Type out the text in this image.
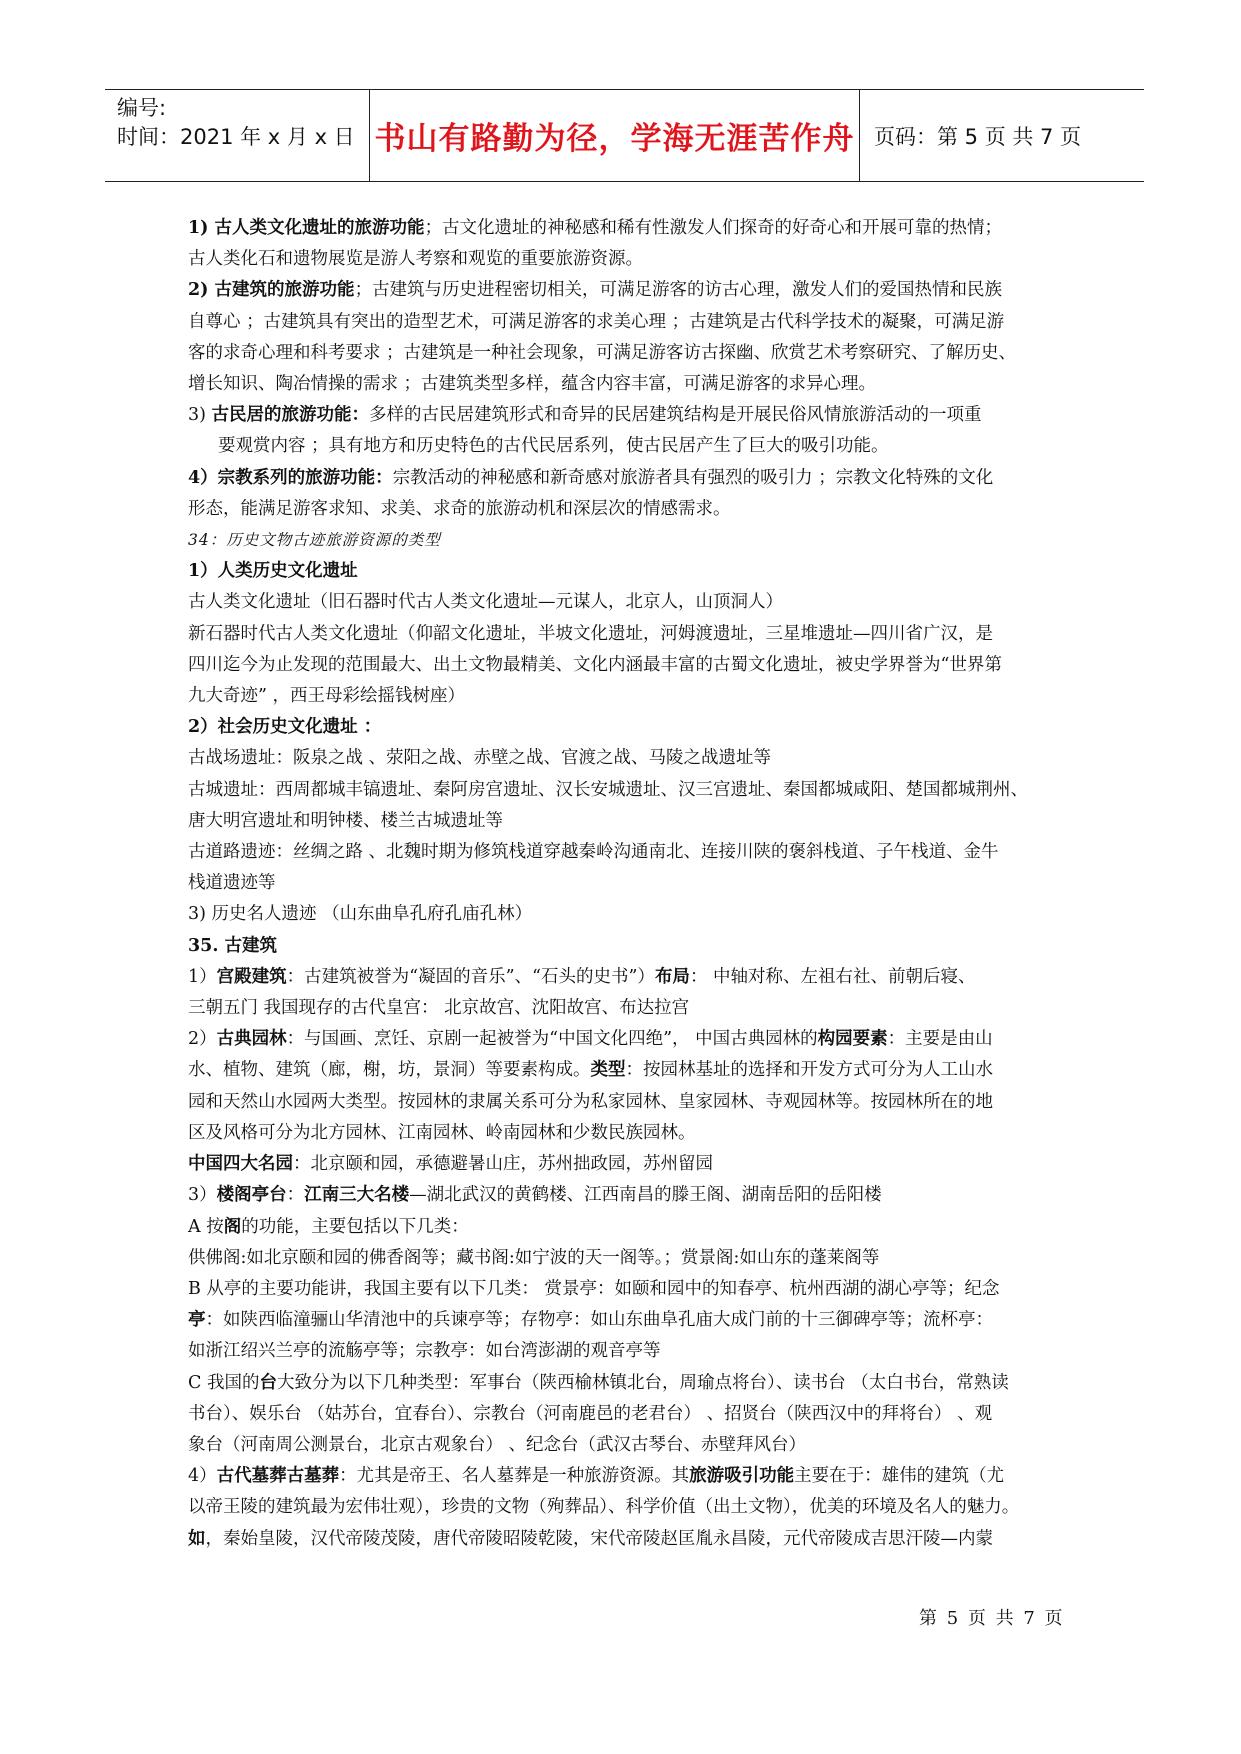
编号:
时间：2021 年 x 月 x 日 书山有路勤为径，学海无涯苦作舟 页码：第 5 页 共 7 页

1) 古人类文化遗址的旅游功能；古文化遗址的神秘感和稀有性激发人们探奇的好奇心和开展可靠的热情；

古人类化石和遗物展览是游人考察和观览的重要旅游资源。

2) 古建筑的旅游功能；古建筑与历史进程密切相关，可满足游客的访古心理，激发人们的爱国热情和民族

自尊心 ；古建筑具有突出的造型艺术，可满足游客的求美心理 ；古建筑是古代科学技术的凝聚，可满足游

客的求奇心理和科考要求 ；古建筑是一种社会现象，可满足游客访古探幽、欣赏艺术考察研究、了解历史、

增长知识、陶冶情操的需求 ；古建筑类型多样，蕴含内容丰富，可满足游客的求异心理。

3) 古民居的旅游功能：多样的古民居建筑形式和奇异的民居建筑结构是开展民俗风情旅游活动的一项重

要观赏内容 ；具有地方和历史特色的古代民居系列，使古民居产生了巨大的吸引功能。

4）宗教系列的旅游功能：宗教活动的神秘感和新奇感对旅游者具有强烈的吸引力 ；宗教文化特殊的文化

形态，能满足游客求知、求美、求奇的旅游动机和深层次的情感需求。

34：历史文物古迹旅游资源的类型

1）人类历史文化遗址

古人类文化遗址（旧石器时代古人类文化遗址—元谋人，北京人，山顶洞人）

新石器时代古人类文化遗址（仰韶文化遗址，半坡文化遗址，河姆渡遗址，三星堆遗址—四川省广汉，是

四川迄今为止发现的范围最大、出土文物最精美、文化内涵最丰富的古蜀文化遗址，被史学界誉为“世界第

九大奇迹” ，西王母彩绘摇钱树座）

2）社会历史文化遗址 ：

古战场遗址：阪泉之战 、荥阳之战、赤壁之战、官渡之战、马陵之战遗址等

古城遗址：西周都城丰镐遗址、秦阿房宫遗址、汉长安城遗址、汉三宫遗址、秦国都城咸阳、楚国都城荆州、

唐大明宫遗址和明钟楼、楼兰古城遗址等

古道路遗迹：丝绸之路 、北魏时期为修筑栈道穿越秦岭沟通南北、连接川陕的褒斜栈道、子午栈道、金牛

栈道遗迹等

3) 历史名人遗迹 （山东曲阜孔府孔庙孔林）

35. 古建筑

1）宫殿建筑：古建筑被誉为“凝固的音乐”、“石头的史书”）布局： 中轴对称、左祖右社、前朝后寝、

三朝五门 我国现存的古代皇宫： 北京故宫、沈阳故宫、布达拉宫

2）古典园林：与国画、烹饪、京剧一起被誉为“中国文化四绝”， 中国古典园林的构园要素：主要是由山

水、植物、建筑（廊，榭，坊，景洞）等要素构成。类型：按园林基址的选择和开发方式可分为人工山水

园和天然山水园两大类型。按园林的隶属关系可分为私家园林、皇家园林、寺观园林等。按园林所在的地

区及风格可分为北方园林、江南园林、岭南园林和少数民族园林。

中国四大名园：北京颐和园，承德避暑山庄，苏州拙政园，苏州留园

3）楼阁亭台：江南三大名楼—湖北武汉的黄鹤楼、江西南昌的滕王阁、湖南岳阳的岳阳楼

A 按阁的功能，主要包括以下几类：

供佛阁:如北京颐和园的佛香阁等；藏书阁:如宁波的天一阁等。；赏景阁:如山东的蓬莱阁等

B 从亭的主要功能讲，我国主要有以下几类： 赏景亭：如颐和园中的知春亭、杭州西湖的湖心亭等；纪念

亭：如陕西临潼骊山华清池中的兵谏亭等；存物亭：如山东曲阜孔庙大成门前的十三御碑亭等；流杯亭：

如浙江绍兴兰亭的流觞亭等；宗教亭：如台湾澎湖的观音亭等

C 我国的台大致分为以下几种类型：军事台（陕西榆林镇北台，周瑜点将台）、读书台 （太白书台，常熟读

书台）、娱乐台 （姑苏台，宜春台）、宗教台（河南鹿邑的老君台） 、招贤台（陕西汉中的拜将台） 、观

象台（河南周公测景台，北京古观象台） 、纪念台（武汉古琴台、赤壁拜风台）

4）古代墓葬古墓葬：尤其是帝王、名人墓葬是一种旅游资源。其旅游吸引功能主要在于：雄伟的建筑（尤

以帝王陵的建筑最为宏伟壮观），珍贵的文物（殉葬品）、科学价值（出土文物），优美的环境及名人的魅力。

如，秦始皇陵，汉代帝陵茂陵，唐代帝陵昭陵乾陵，宋代帝陵赵匡胤永昌陵，元代帝陵成吉思汗陵—内蒙

第 5 页 共 7 页
